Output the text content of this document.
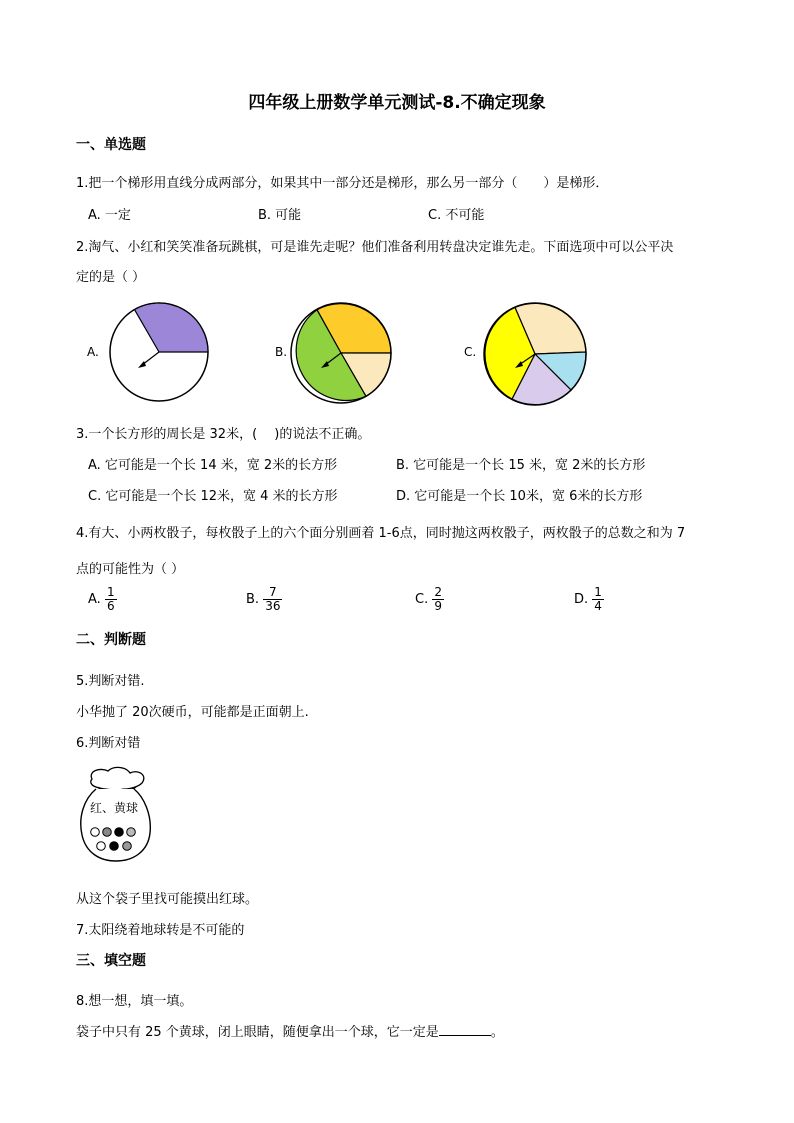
四年级上册数学单元测试-8.不确定现象
一、单选题
1.把一个梯形用直线分成两部分，如果其中一部分还是梯形，那么另一部分（　　）是梯形．
A. 一定	B. 可能	C. 不可能
2.淘气、小红和笑笑准备玩跳棋，可是谁先走呢？他们准备利用转盘决定谁先走。下面选项中可以公平决
定的是（ ）
A.	B.	C.
3.一个长方形的周长是 32米，(　 )的说法不正确。
A. 它可能是一个长 14 米，宽 2米的长方形	B. 它可能是一个长 15 米，宽 2米的长方形
C. 它可能是一个长 12米，宽 4 米的长方形	D. 它可能是一个长 10米，宽 6米的长方形
4.有大、小两枚骰子，每枚骰子上的六个面分别画着 1-6点，同时抛这两枚骰子，两枚骰子的总数之和为 7
点的可能性为（ ）
A. $\frac{1}{6}$	B. $\frac{7}{36}$	C. $\frac{2}{9}$	D. $\frac{1}{4}$
二、判断题
5.判断对错.
小华抛了 20次硬币，可能都是正面朝上.
6.判断对错
红、黄球
从这个袋子里找可能摸出红球。
7.太阳绕着地球转是不可能的
三、填空题
8.想一想，填一填。
袋子中只有 25 个黄球，闭上眼睛，随便拿出一个球，它一定是	。
